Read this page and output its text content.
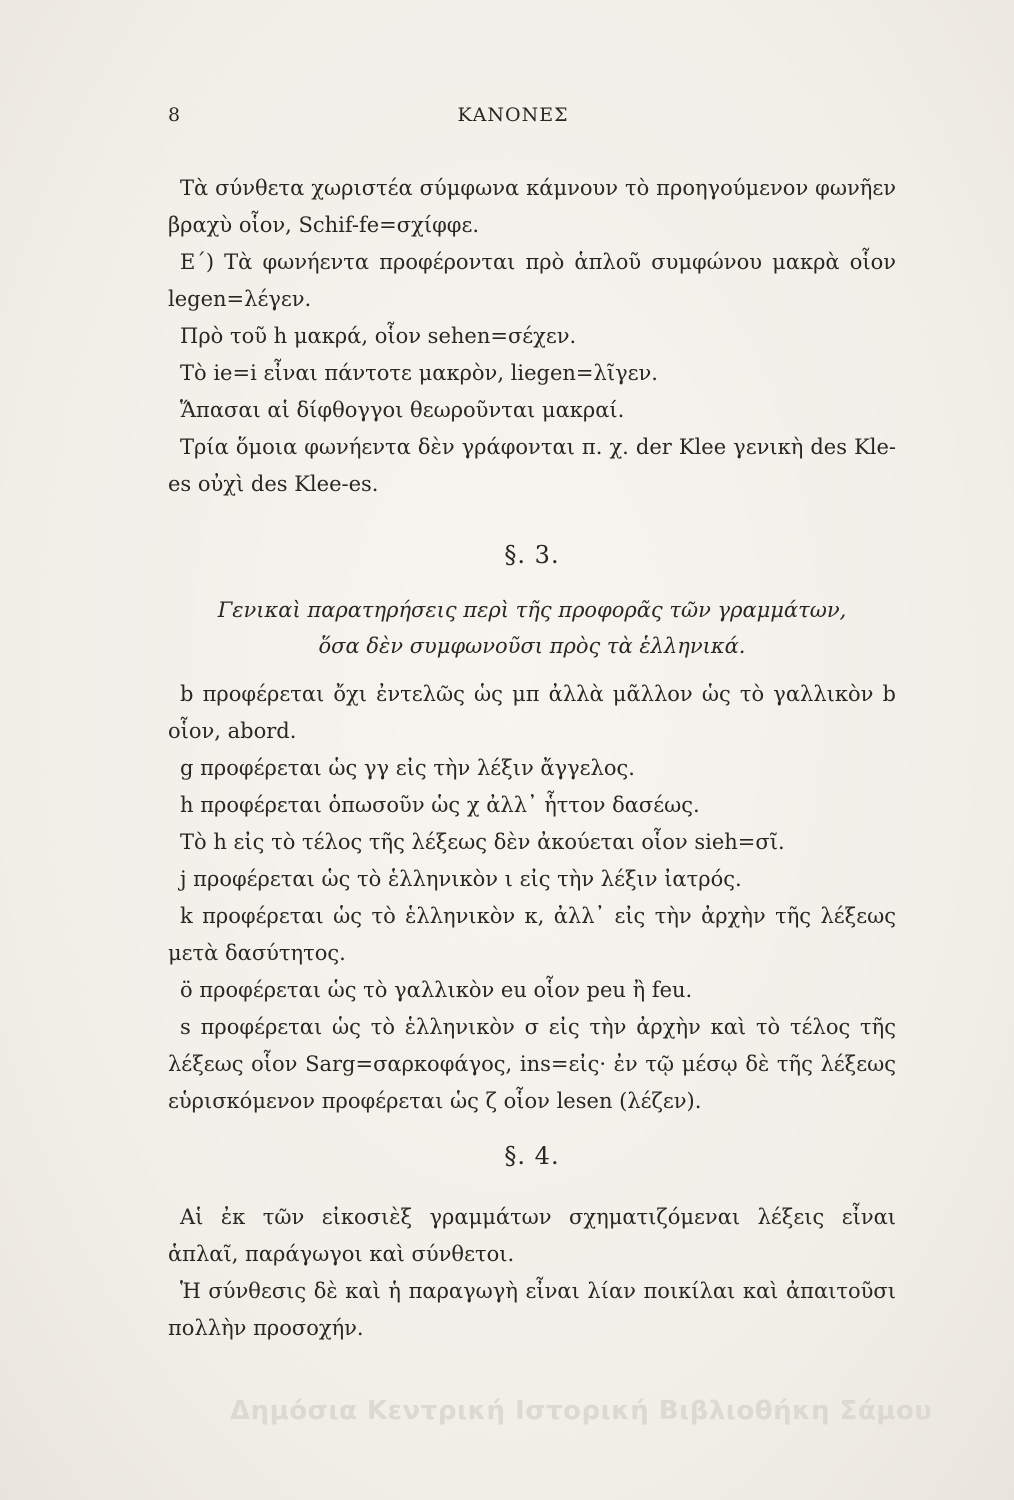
8	ΚΑΝΟΝΕΣ

Τὰ σύνθετα χωριστέα σύμφωνα κάμνουν τὸ προηγούμενον φωνῆεν βραχὺ οἷον, Schif-fe=σχίφφε.

Ε΄) Τὰ φωνήεντα προφέρονται πρὸ ἁπλοῦ συμφώνου μακρὰ οἷον legen=λέγεν.

Πρὸ τοῦ h μακρά, οἷον sehen=σέχεν.

Τὸ ie=i εἶναι πάντοτε μακρὸν, liegen=λῖγεν.

Ἅπασαι αἱ δίφθογγοι θεωροῦνται μακραί.

Τρία ὅμοια φωνήεντα δὲν γράφονται π. χ. der Klee γενικὴ des Kle-es οὐχὶ des Klee-es.

§. 3.
Γενικαὶ παρατηρήσεις περὶ τῆς προφορᾶς τῶν γραμμάτων,
ὅσα δὲν συμφωνοῦσι πρὸς τὰ ἑλληνικά.

b προφέρεται ὄχι ἐντελῶς ὡς μπ ἀλλὰ μᾶλλον ὡς τὸ γαλλικὸν b οἷον, abord.

g προφέρεται ὡς γγ εἰς τὴν λέξιν ἄγγελος.

h προφέρεται ὁπωσοῦν ὡς χ ἀλλ᾽ ἧττον δασέως.

Τὸ h εἰς τὸ τέλος τῆς λέξεως δὲν ἀκούεται οἷον sieh=σῖ.

j προφέρεται ὡς τὸ ἑλληνικὸν ι εἰς τὴν λέξιν ἰατρός.

k προφέρεται ὡς τὸ ἑλληνικὸν κ, ἀλλ᾽ εἰς τὴν ἀρχὴν τῆς λέξεως μετὰ δασύτητος.

ö προφέρεται ὡς τὸ γαλλικὸν eu οἷον peu ἢ feu.

s προφέρεται ὡς τὸ ἑλληνικὸν σ εἰς τὴν ἀρχὴν καὶ τὸ τέλος τῆς λέξεως οἷον Sarg=σαρκοφάγος, ins=εἰς· ἐν τῷ μέσῳ δὲ τῆς λέξεως εὑρισκόμενον προφέρεται ὡς ζ οἷον lesen (λέζεν).

§. 4.

Αἱ ἐκ τῶν εἰκοσιὲξ γραμμάτων σχηματιζόμεναι λέξεις εἶναι ἁπλαῖ, παράγωγοι καὶ σύνθετοι.

Ἡ σύνθεσις δὲ καὶ ἡ παραγωγὴ εἶναι λίαν ποικίλαι καὶ ἀπαιτοῦσι πολλὴν προσοχήν.

Δημόσια Κεντρική Ιστορική Βιβλιοθήκη Σάμου
